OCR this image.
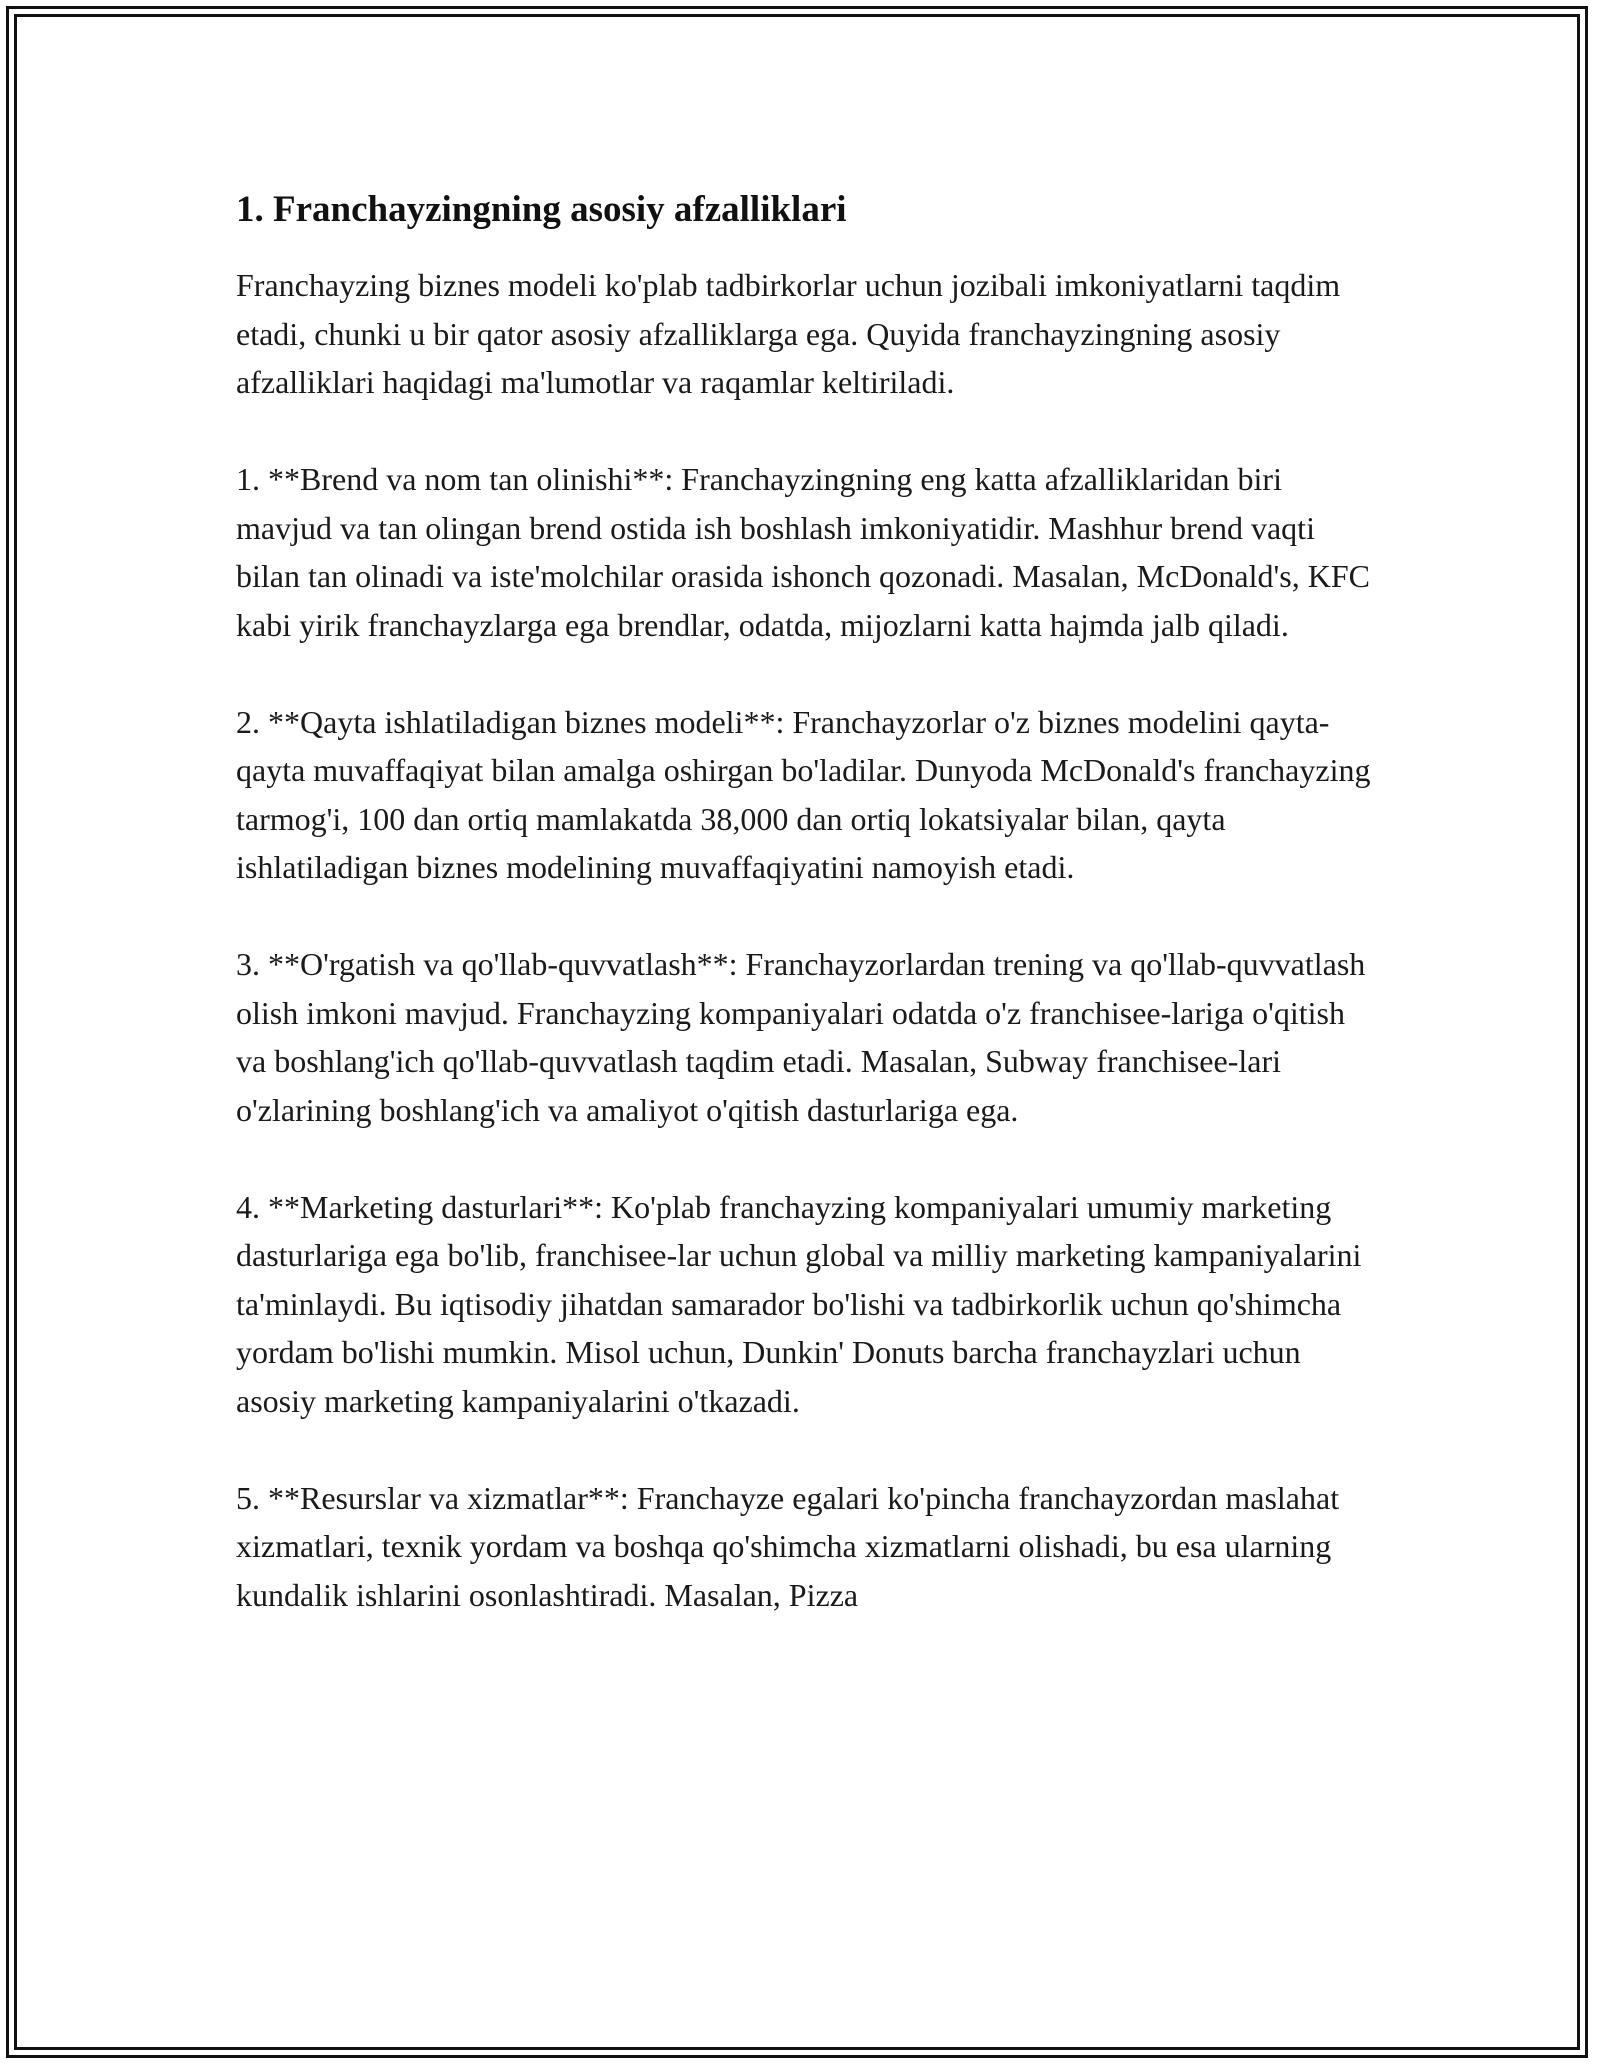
1. Franchayzingning asosiy afzalliklari

Franchayzing biznes modeli ko'plab tadbirkorlar uchun jozibali imkoniyatlarni taqdim etadi, chunki u bir qator asosiy afzalliklarga ega. Quyida franchayzingning asosiy afzalliklari haqidagi ma'lumotlar va raqamlar keltiriladi.

1. **Brend va nom tan olinishi**: Franchayzingning eng katta afzalliklaridan biri mavjud va tan olingan brend ostida ish boshlash imkoniyatidir. Mashhur brend vaqti bilan tan olinadi va iste'molchilar orasida ishonch qozonadi. Masalan, McDonald's, KFC kabi yirik franchayzlarga ega brendlar, odatda, mijozlarni katta hajmda jalb qiladi.

2. **Qayta ishlatiladigan biznes modeli**: Franchayzorlar o'z biznes modelini qayta-qayta muvaffaqiyat bilan amalga oshirgan bo'ladilar. Dunyoda McDonald's franchayzing tarmog'i, 100 dan ortiq mamlakatda 38,000 dan ortiq lokatsiyalar bilan, qayta ishlatiladigan biznes modelining muvaffaqiyatini namoyish etadi.

3. **O'rgatish va qo'llab-quvvatlash**: Franchayzorlardan trening va qo'llab-quvvatlash olish imkoni mavjud. Franchayzing kompaniyalari odatda o'z franchisee-lariga o'qitish va boshlang'ich qo'llab-quvvatlash taqdim etadi. Masalan, Subway franchisee-lari o'zlarining boshlang'ich va amaliyot o'qitish dasturlariga ega.

4. **Marketing dasturlari**: Ko'plab franchayzing kompaniyalari umumiy marketing dasturlariga ega bo'lib, franchisee-lar uchun global va milliy marketing kampaniyalarini ta'minlaydi. Bu iqtisodiy jihatdan samarador bo'lishi va tadbirkorlik uchun qo'shimcha yordam bo'lishi mumkin. Misol uchun, Dunkin' Donuts barcha franchayzlari uchun asosiy marketing kampaniyalarini o'tkazadi.

5. **Resurslar va xizmatlar**: Franchayze egalari ko'pincha franchayzordan maslahat xizmatlari, texnik yordam va boshqa qo'shimcha xizmatlarni olishadi, bu esa ularning kundalik ishlarini osonlashtiradi. Masalan, Pizza
